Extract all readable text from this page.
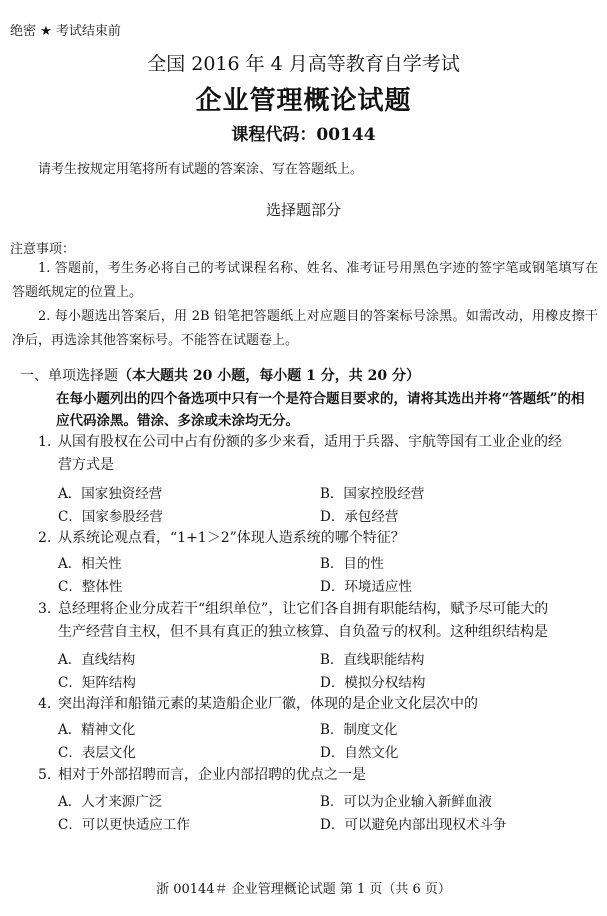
绝密 ★ 考试结束前
全国 2016 年 4 月高等教育自学考试
企业管理概论试题
课程代码：00144
请考生按规定用笔将所有试题的答案涂、写在答题纸上。
选择题部分
注意事项：
1. 答题前，考生务必将自己的考试课程名称、姓名、准考证号用黑色字迹的签字笔或钢笔填写在答题纸规定的位置上。
2. 每小题选出答案后，用 2B 铅笔把答题纸上对应题目的答案标号涂黑。如需改动，用橡皮擦干净后，再选涂其他答案标号。不能答在试题卷上。
一、单项选择题（本大题共 20 小题，每小题 1 分，共 20 分）
在每小题列出的四个备选项中只有一个是符合题目要求的，请将其选出并将“答题纸”的相应代码涂黑。错涂、多涂或未涂均无分。
1. 从国有股权在公司中占有份额的多少来看，适用于兵器、宇航等国有工业企业的经
营方式是
A．国家独资经营	B．国家控股经营
C．国家参股经营	D．承包经营
2. 从系统论观点看，“1+1＞2”体现人造系统的哪个特征？
A．相关性	B．目的性
C．整体性	D．环境适应性
3. 总经理将企业分成若干“组织单位”，让它们各自拥有职能结构，赋予尽可能大的
生产经营自主权，但不具有真正的独立核算、自负盈亏的权利。这种组织结构是
A．直线结构	B．直线职能结构
C．矩阵结构	D．模拟分权结构
4. 突出海洋和船锚元素的某造船企业厂徽，体现的是企业文化层次中的
A．精神文化	B．制度文化
C．表层文化	D．自然文化
5. 相对于外部招聘而言，企业内部招聘的优点之一是
A．人才来源广泛	B．可以为企业输入新鲜血液
C．可以更快适应工作	D．可以避免内部出现权术斗争
浙 00144＃ 企业管理概论试题 第 1 页（共 6 页）
